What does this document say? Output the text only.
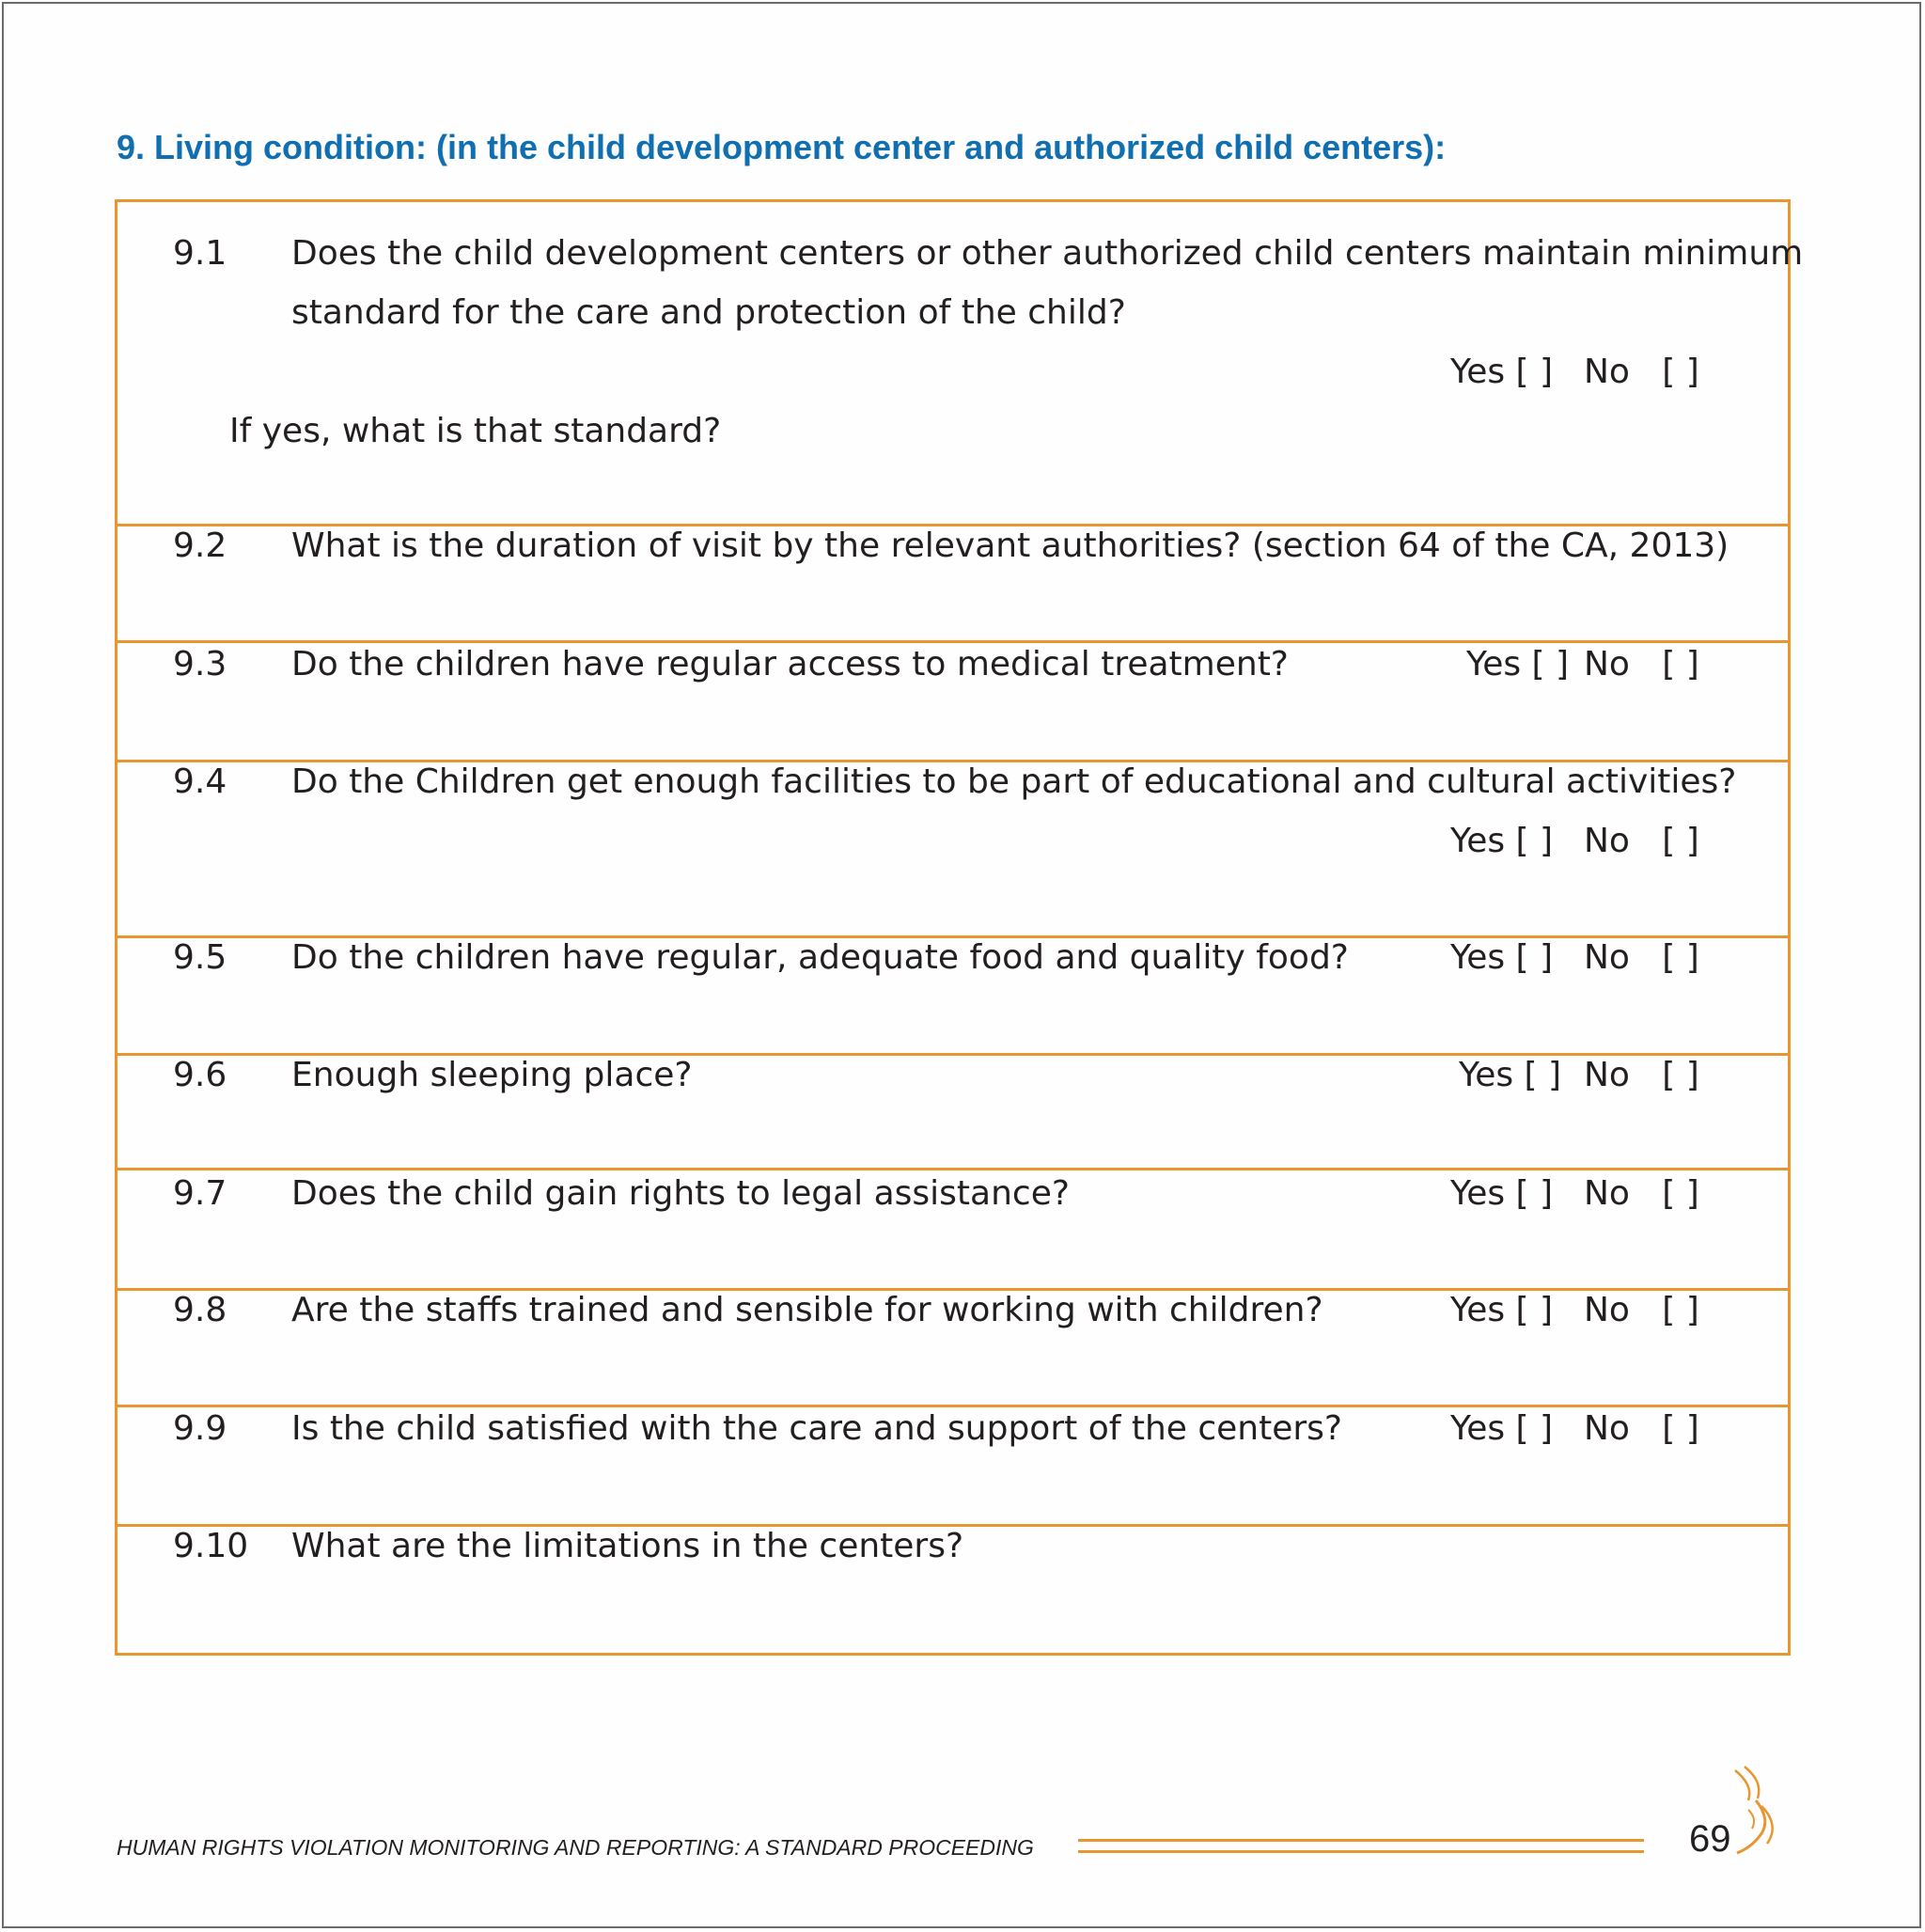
9. Living condition: (in the child development center and authorized child centers):
9.1 Does the child development centers or other authorized child centers maintain minimum
standard for the care and protection of the child?
Yes [ ] No   [ ]
If yes, what is that standard?
9.2 What is the duration of visit by the relevant authorities? (section 64 of the CA, 2013)
9.3 Do the children have regular access to medical treatment?	Yes [ ] No   [ ]
9.4 Do the Children get enough facilities to be part of educational and cultural activities?
Yes [ ] No   [ ]
9.5 Do the children have regular, adequate food and quality food?	Yes [ ] No   [ ]
9.6 Enough sleeping place?	Yes [ ] No   [ ]
9.7 Does the child gain rights to legal assistance?	Yes [ ] No   [ ]
9.8 Are the staffs trained and sensible for working with children?	Yes [ ] No   [ ]
9.9 Is the child satisfied with the care and support of the centers?	Yes [ ] No   [ ]
9.10 What are the limitations in the centers?
HUMAN RIGHTS VIOLATION MONITORING AND REPORTING: A STANDARD PROCEEDING	69
